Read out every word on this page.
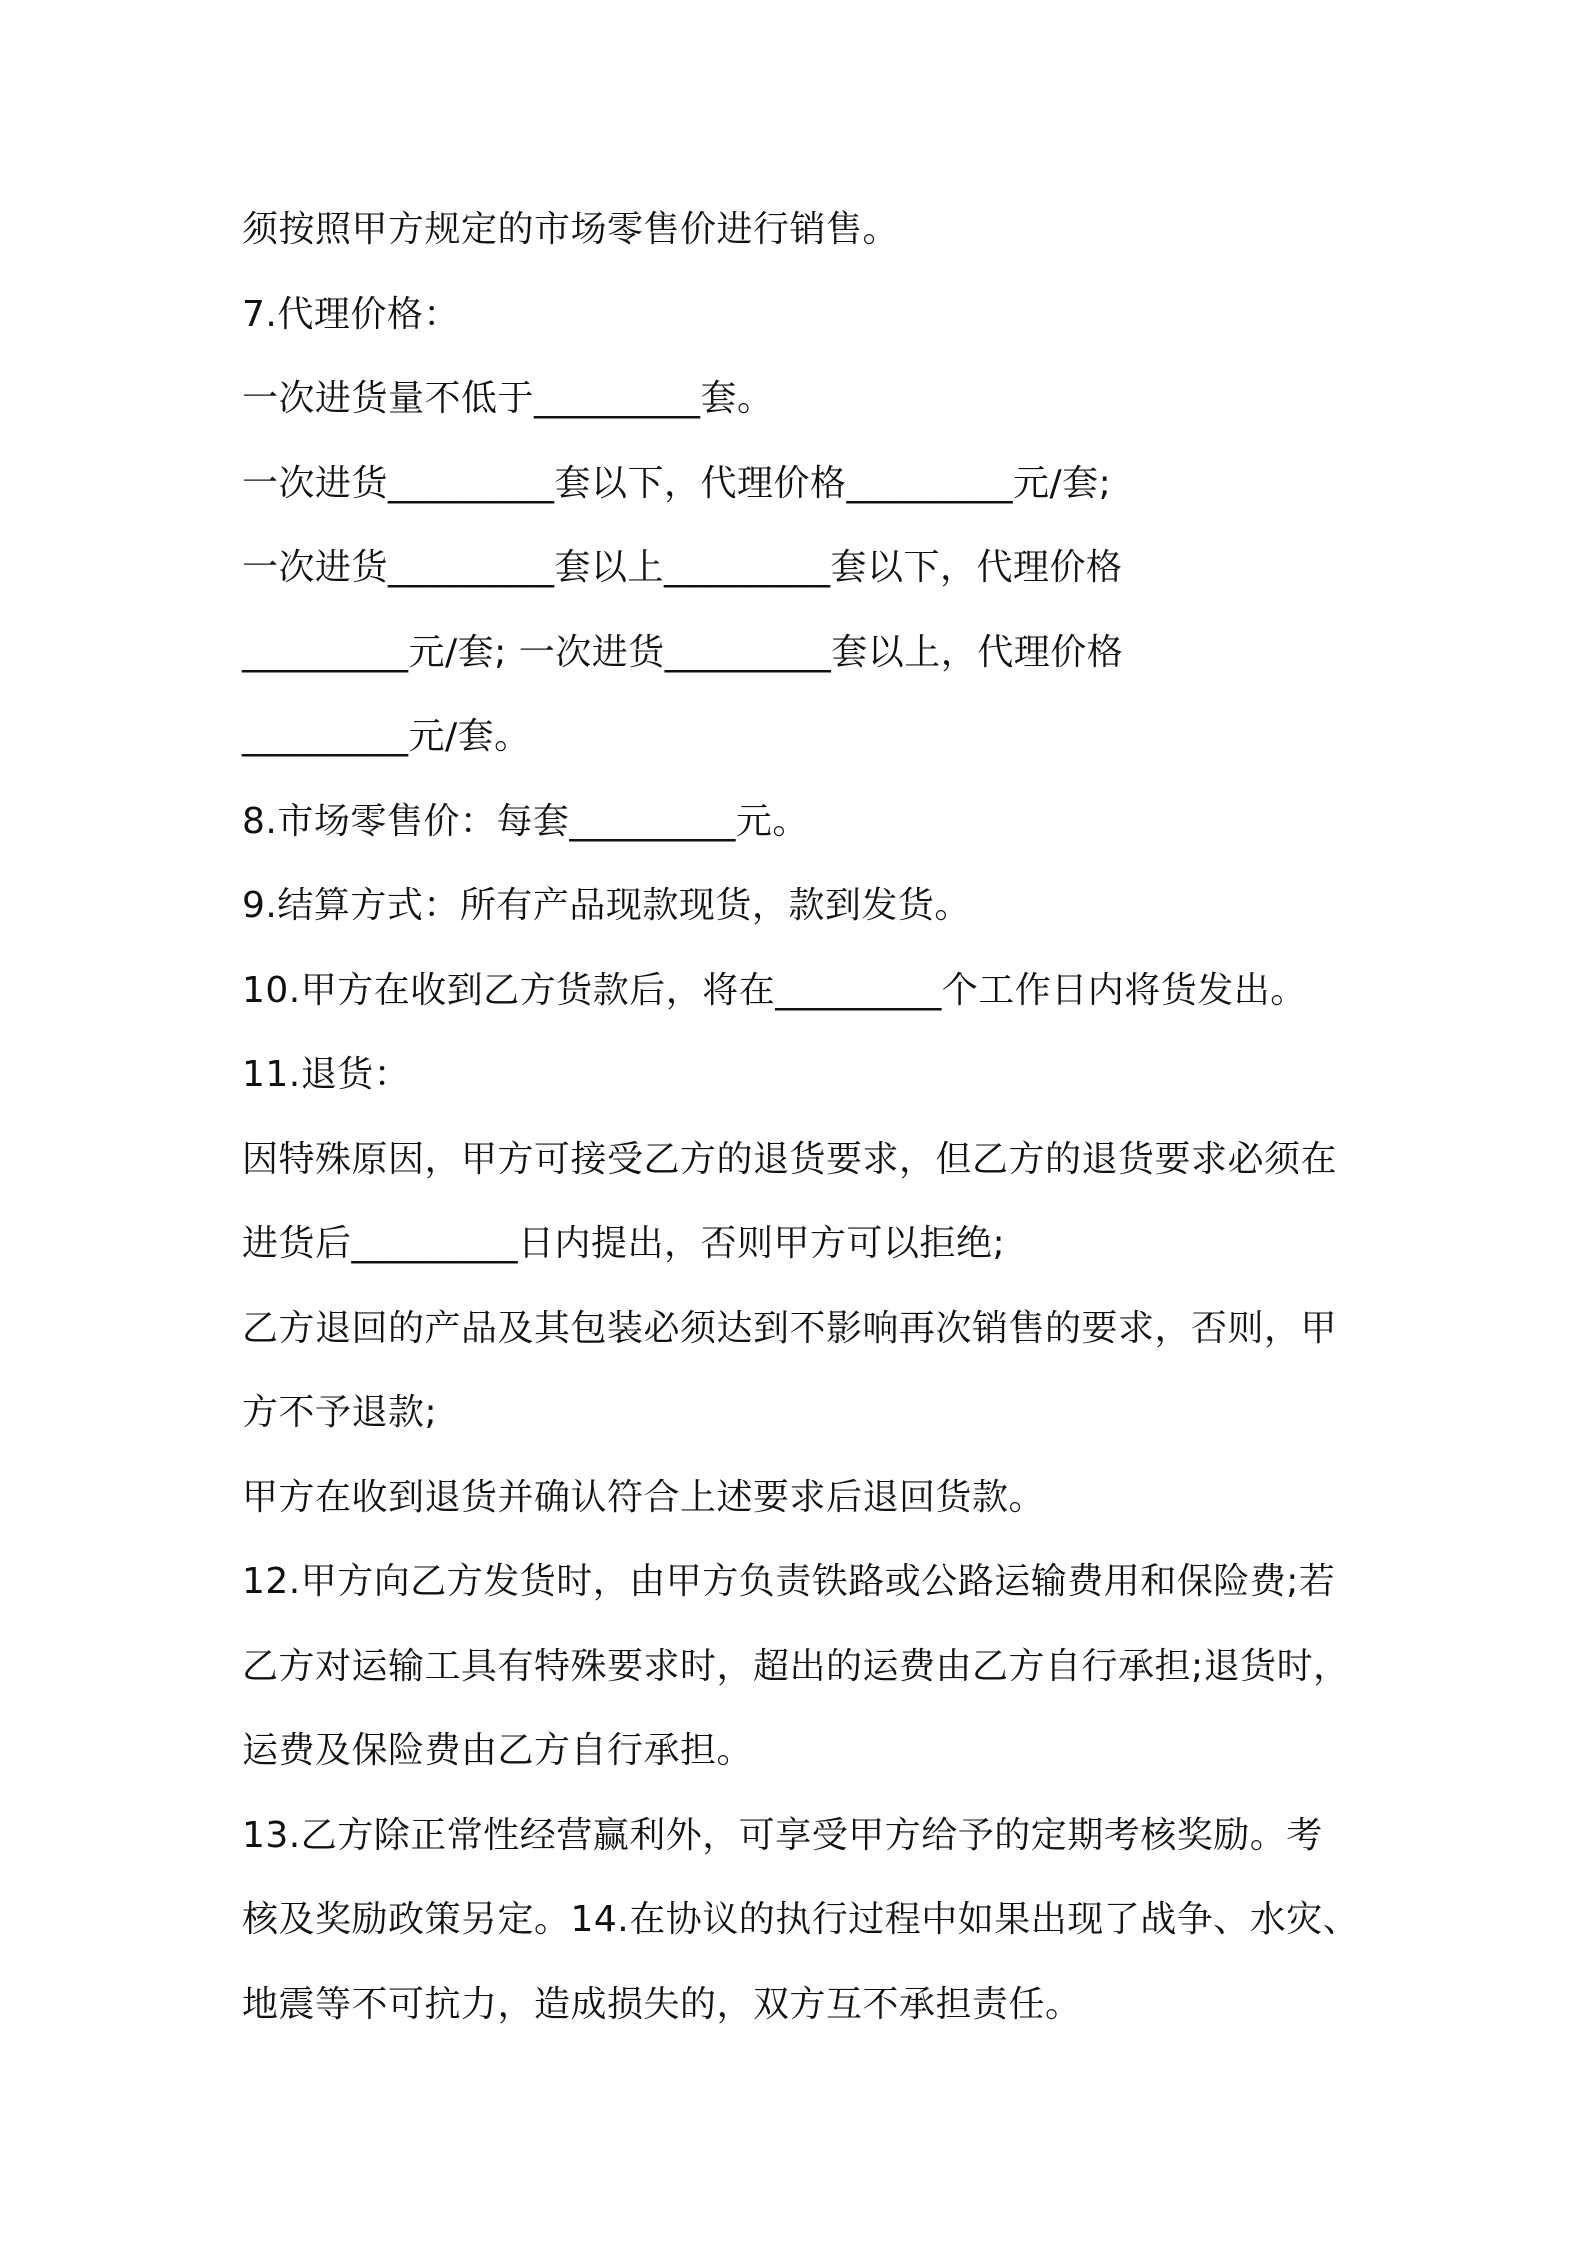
须按照甲方规定的市场零售价进行销售。

7.代理价格：

一次进货量不低于_________套。

一次进货_________套以下，代理价格_________元/套;

一次进货_________套以上_________套以下，代理价格

_________元/套; 一次进货_________套以上，代理价格

_________元/套。

8.市场零售价：每套_________元。

9.结算方式：所有产品现款现货，款到发货。

10.甲方在收到乙方货款后，将在_________个工作日内将货发出。

11.退货：

因特殊原因，甲方可接受乙方的退货要求，但乙方的退货要求必须在

进货后_________日内提出，否则甲方可以拒绝;

乙方退回的产品及其包装必须达到不影响再次销售的要求，否则，甲

方不予退款;

甲方在收到退货并确认符合上述要求后退回货款。

12.甲方向乙方发货时，由甲方负责铁路或公路运输费用和保险费;若

乙方对运输工具有特殊要求时，超出的运费由乙方自行承担;退货时，

运费及保险费由乙方自行承担。

13.乙方除正常性经营赢利外，可享受甲方给予的定期考核奖励。考

核及奖励政策另定。14.在协议的执行过程中如果出现了战争、水灾、

地震等不可抗力，造成损失的，双方互不承担责任。
